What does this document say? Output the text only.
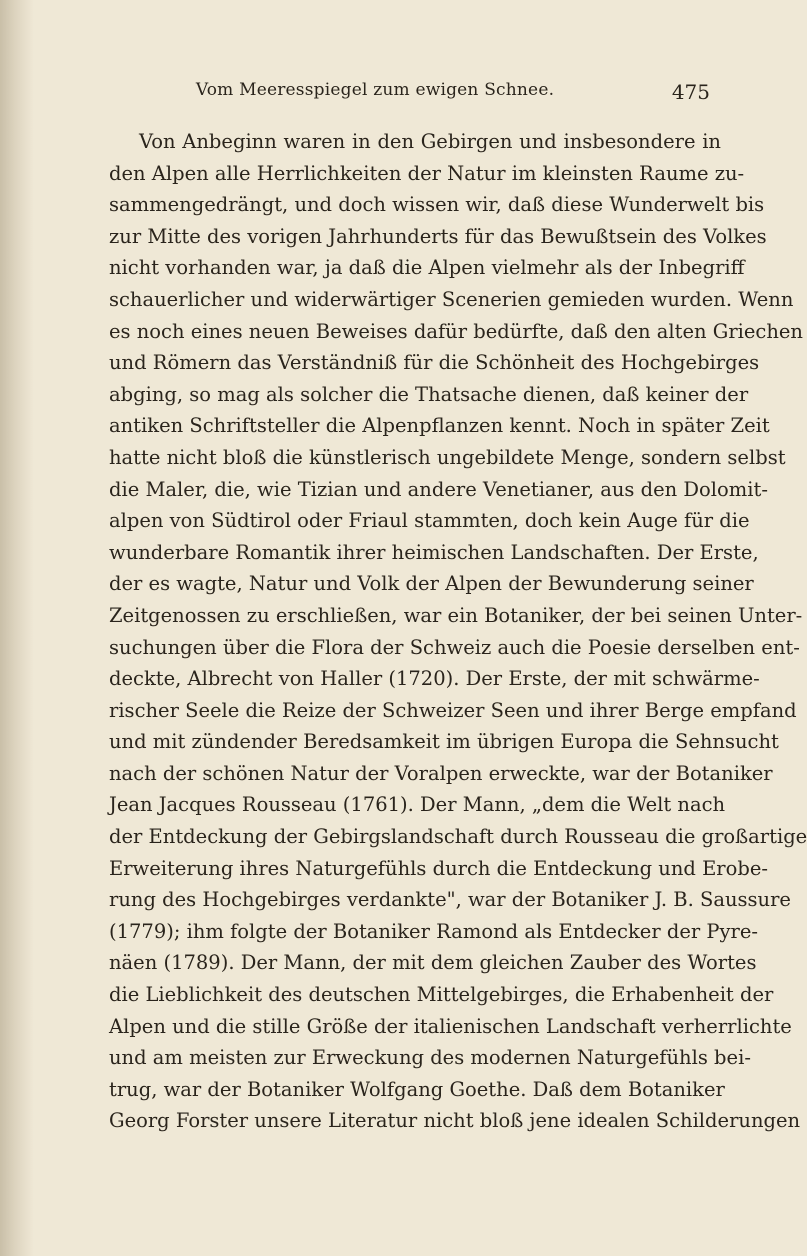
Vom Meeresspiegel zum ewigen Schnee.	475
Von Anbeginn waren in den Gebirgen und insbesondere in
den Alpen alle Herrlichkeiten der Natur im kleinsten Raume zu-
sammengedrängt, und doch wissen wir, daß diese Wunderwelt bis
zur Mitte des vorigen Jahrhunderts für das Bewußtsein des Volkes
nicht vorhanden war, ja daß die Alpen vielmehr als der Inbegriff
schauerlicher und widerwärtiger Scenerien gemieden wurden. Wenn
es noch eines neuen Beweises dafür bedürfte, daß den alten Griechen
und Römern das Verständniß für die Schönheit des Hochgebirges
abging, so mag als solcher die Thatsache dienen, daß keiner der
antiken Schriftsteller die Alpenpflanzen kennt. Noch in später Zeit
hatte nicht bloß die künstlerisch ungebildete Menge, sondern selbst
die Maler, die, wie Tizian und andere Venetianer, aus den Dolomit-
alpen von Südtirol oder Friaul stammten, doch kein Auge für die
wunderbare Romantik ihrer heimischen Landschaften. Der Erste,
der es wagte, Natur und Volk der Alpen der Bewunderung seiner
Zeitgenossen zu erschließen, war ein Botaniker, der bei seinen Unter-
suchungen über die Flora der Schweiz auch die Poesie derselben ent-
deckte, Albrecht von Haller (1720). Der Erste, der mit schwärme-
rischer Seele die Reize der Schweizer Seen und ihrer Berge empfand
und mit zündender Beredsamkeit im übrigen Europa die Sehnsucht
nach der schönen Natur der Voralpen erweckte, war der Botaniker
Jean Jacques Rousseau (1761). Der Mann, „dem die Welt nach
der Entdeckung der Gebirgslandschaft durch Rousseau die großartige
Erweiterung ihres Naturgefühls durch die Entdeckung und Erobe-
rung des Hochgebirges verdankte", war der Botaniker J. B. Saussure
(1779); ihm folgte der Botaniker Ramond als Entdecker der Pyre-
näen (1789). Der Mann, der mit dem gleichen Zauber des Wortes
die Lieblichkeit des deutschen Mittelgebirges, die Erhabenheit der
Alpen und die stille Größe der italienischen Landschaft verherrlichte
und am meisten zur Erweckung des modernen Naturgefühls bei-
trug, war der Botaniker Wolfgang Goethe. Daß dem Botaniker
Georg Forster unsere Literatur nicht bloß jene idealen Schilderungen
